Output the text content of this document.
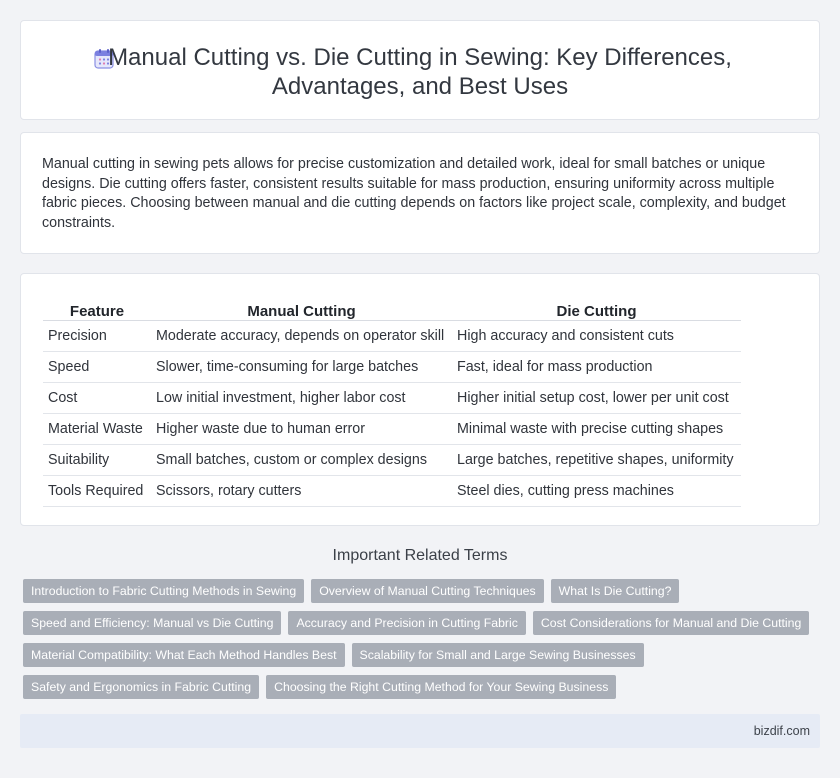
Manual Cutting vs. Die Cutting in Sewing: Key Differences,
Advantages, and Best Uses

Manual cutting in sewing pets allows for precise customization and detailed work, ideal for small batches or unique designs. Die cutting offers faster, consistent results suitable for mass production, ensuring uniformity across multiple fabric pieces. Choosing between manual and die cutting depends on factors like project scale, complexity, and budget constraints.

Feature	Manual Cutting	Die Cutting
Precision	Moderate accuracy, depends on operator skill	High accuracy and consistent cuts
Speed	Slower, time-consuming for large batches	Fast, ideal for mass production
Cost	Low initial investment, higher labor cost	Higher initial setup cost, lower per unit cost
Material Waste	Higher waste due to human error	Minimal waste with precise cutting shapes
Suitability	Small batches, custom or complex designs	Large batches, repetitive shapes, uniformity
Tools Required	Scissors, rotary cutters	Steel dies, cutting press machines
Important Related Terms
Introduction to Fabric Cutting Methods in Sewing	Overview of Manual Cutting Techniques	What Is Die Cutting?
Speed and Efficiency: Manual vs Die Cutting	Accuracy and Precision in Cutting Fabric	Cost Considerations for Manual and Die Cutting
Material Compatibility: What Each Method Handles Best	Scalability for Small and Large Sewing Businesses
Safety and Ergonomics in Fabric Cutting	Choosing the Right Cutting Method for Your Sewing Business
bizdif.com
